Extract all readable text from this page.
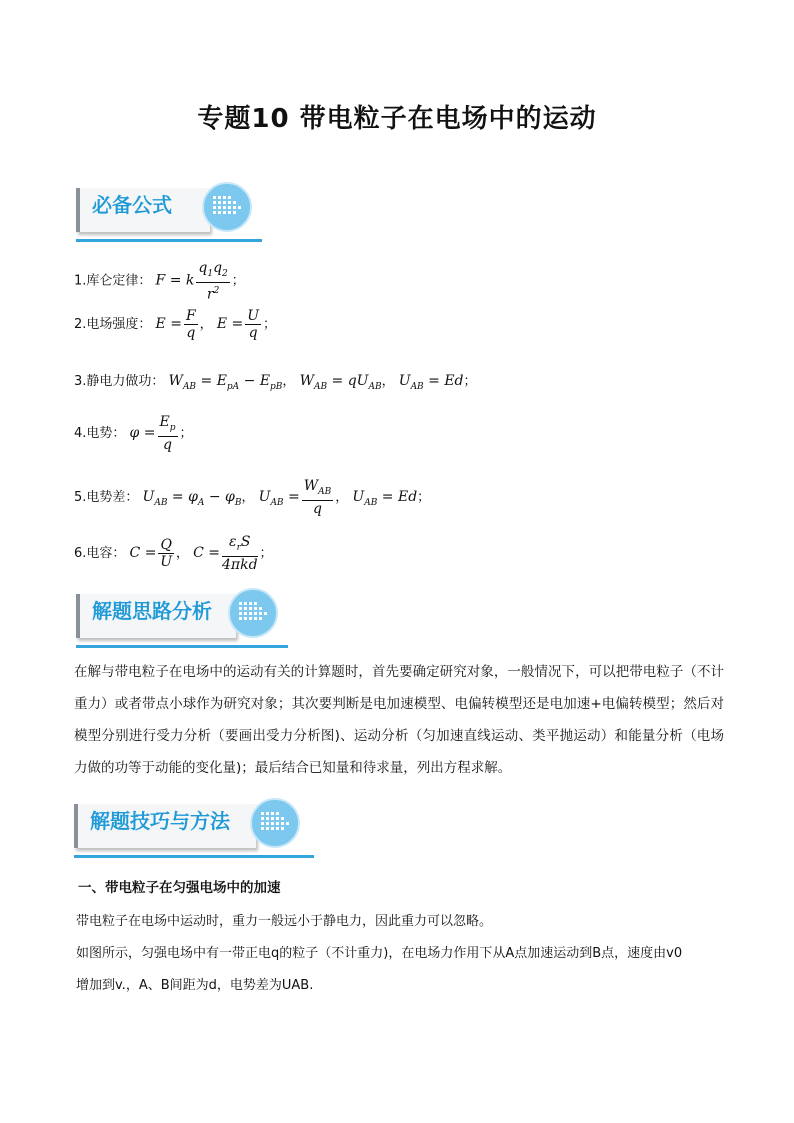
专题10 带电粒子在电场中的运动
必备公式
1.库仑定律： F = k $\frac{q_1q_2}{r^2}$ ；
2.电场强度： $E = \frac{F}{q}$ ， $E = \frac{U}{q}$ ；
3.静电力做功： $W_{AB} = E_{pA} - E_{pB}$， $W_{AB} = qU_{AB}$， $U_{AB} = Ed$；
4.电势： $\varphi = \frac{E_p}{q}$ ；
5.电势差： $U_{AB} = \varphi_A - \varphi_B$， $U_{AB} = \frac{W_{AB}}{q}$ ， $U_{AB} = Ed$；
6.电容： $C = \frac{Q}{U}$ ， $C = \frac{\varepsilon_rS}{\text{4πkd}}$ ；
解题思路分析
在解与带电粒子在电场中的运动有关的计算题时，首先要确定研究对象，一般情况下，可以把带电粒子（不计重力）或者带点小球作为研究对象；其次要判断是电加速模型、电偏转模型还是电加速+电偏转模型；然后对模型分别进行受力分析（要画出受力分析图)、运动分析（匀加速直线运动、类平抛运动）和能量分析（电场力做的功等于动能的变化量)；最后结合已知量和待求量，列出方程求解。
解题技巧与方法
一、带电粒子在匀强电场中的加速
带电粒子在电场中运动时，重力一般远小于静电力，因此重力可以忽略。
如图所示，匀强电场中有一带正电q的粒子（不计重力)，在电场力作用下从A点加速运动到B点，速度由v0
增加到v.，A、B间距为d，电势差为UAB.
